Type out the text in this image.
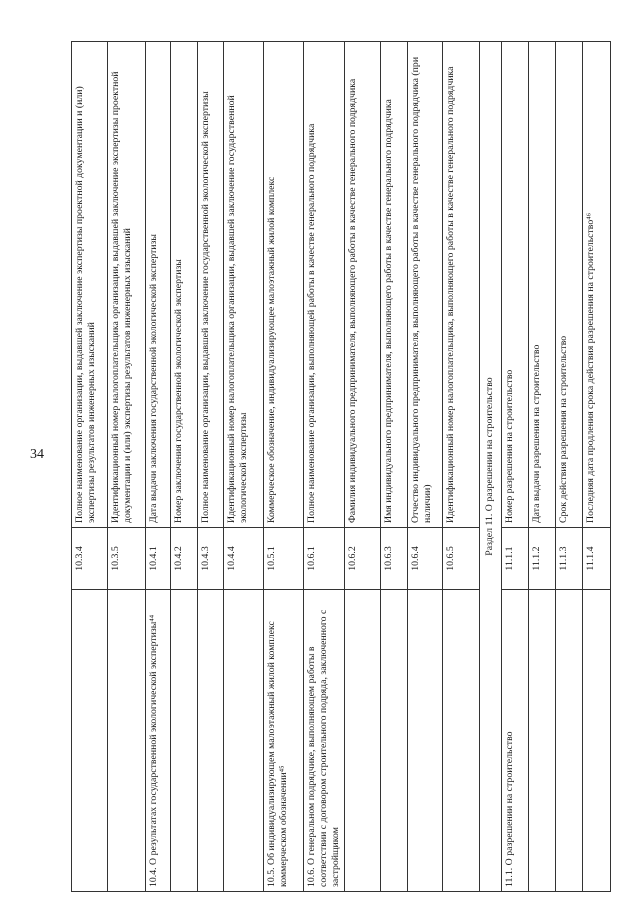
34
	10.3.4	Полное наименование организации, выдавшей заключение экспертизы проектной документации и (или) экспертизы результатов инженерных изысканий
	10.3.5	Идентификационный номер налогоплательщика организации, выдавшей заключение экспертизы проектной документации и (или) экспертизы результатов инженерных изысканий
10.4. О результатах государственной экологической экспертизы⁴⁴	10.4.1	Дата выдачи заключения государственной экологической экспертизы
	10.4.2	Номер заключения государственной экологической экспертизы
	10.4.3	Полное наименование организации, выдавшей заключение государственной экологической экспертизы
	10.4.4	Идентификационный номер налогоплательщика организации, выдавшей заключение государственной экологической экспертизы
10.5. Об индивидуализирующем малоэтажный жилой комплекс коммерческом обозначении⁴⁵	10.5.1	Коммерческое обозначение, индивидуализирующее малоэтажный жилой комплекс
10.6. О генеральном подрядчике, выполняющем работы в соответствии с договором строительного подряда, заключенного с застройщиком	10.6.1	Полное наименование организации, выполняющей работы в качестве генерального подрядчика
	10.6.2	Фамилия индивидуального предпринимателя, выполняющего работы в качестве генерального подрядчика
	10.6.3	Имя индивидуального предпринимателя, выполняющего работы в качестве генерального подрядчика
	10.6.4	Отчество индивидуального предпринимателя, выполняющего работы в качестве генерального подрядчика (при наличии)
	10.6.5	Идентификационный номер налогоплательщика, выполняющего работы в качестве генерального подрядчика
Раздел 11. О разрешении на строительство		
11.1. О разрешении на строительство	11.1.1	Номер разрешения на строительство
	11.1.2	Дата выдачи разрешения на строительство
	11.1.3	Срок действия разрешения на строительство
	11.1.4	Последняя дата продления срока действия разрешения на строительство⁴⁶
